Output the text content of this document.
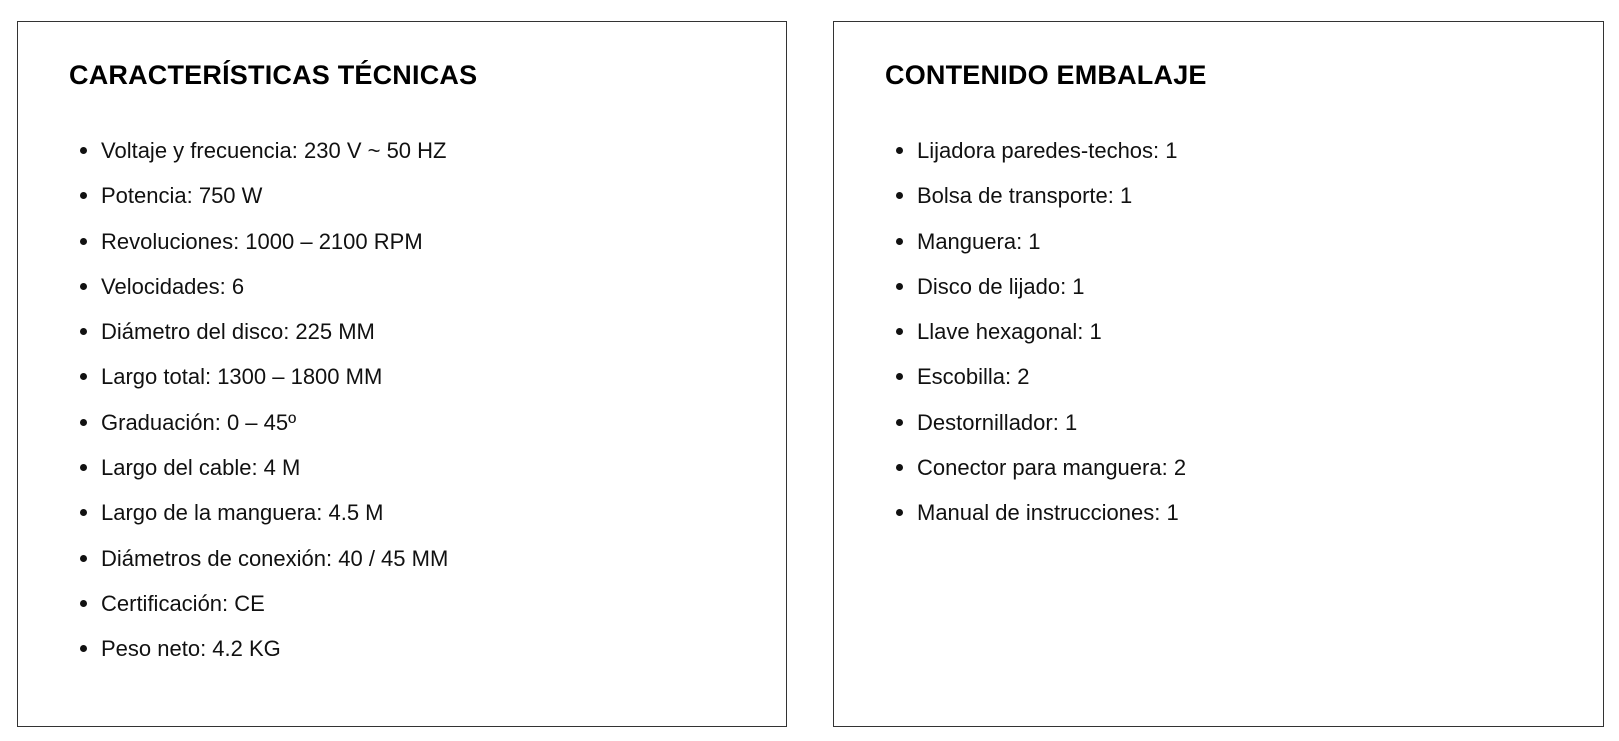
CARACTERÍSTICAS TÉCNICAS
Voltaje y frecuencia: 230 V ~ 50 HZ
Potencia: 750 W
Revoluciones: 1000 – 2100 RPM
Velocidades: 6
Diámetro del disco: 225 MM
Largo total: 1300 – 1800 MM
Graduación: 0 – 45º
Largo del cable: 4 M
Largo de la manguera: 4.5 M
Diámetros de conexión: 40 / 45 MM
Certificación: CE
Peso neto: 4.2 KG
CONTENIDO EMBALAJE
Lijadora paredes-techos: 1
Bolsa de transporte: 1
Manguera: 1
Disco de lijado: 1
Llave hexagonal: 1
Escobilla: 2
Destornillador: 1
Conector para manguera: 2
Manual de instrucciones: 1
